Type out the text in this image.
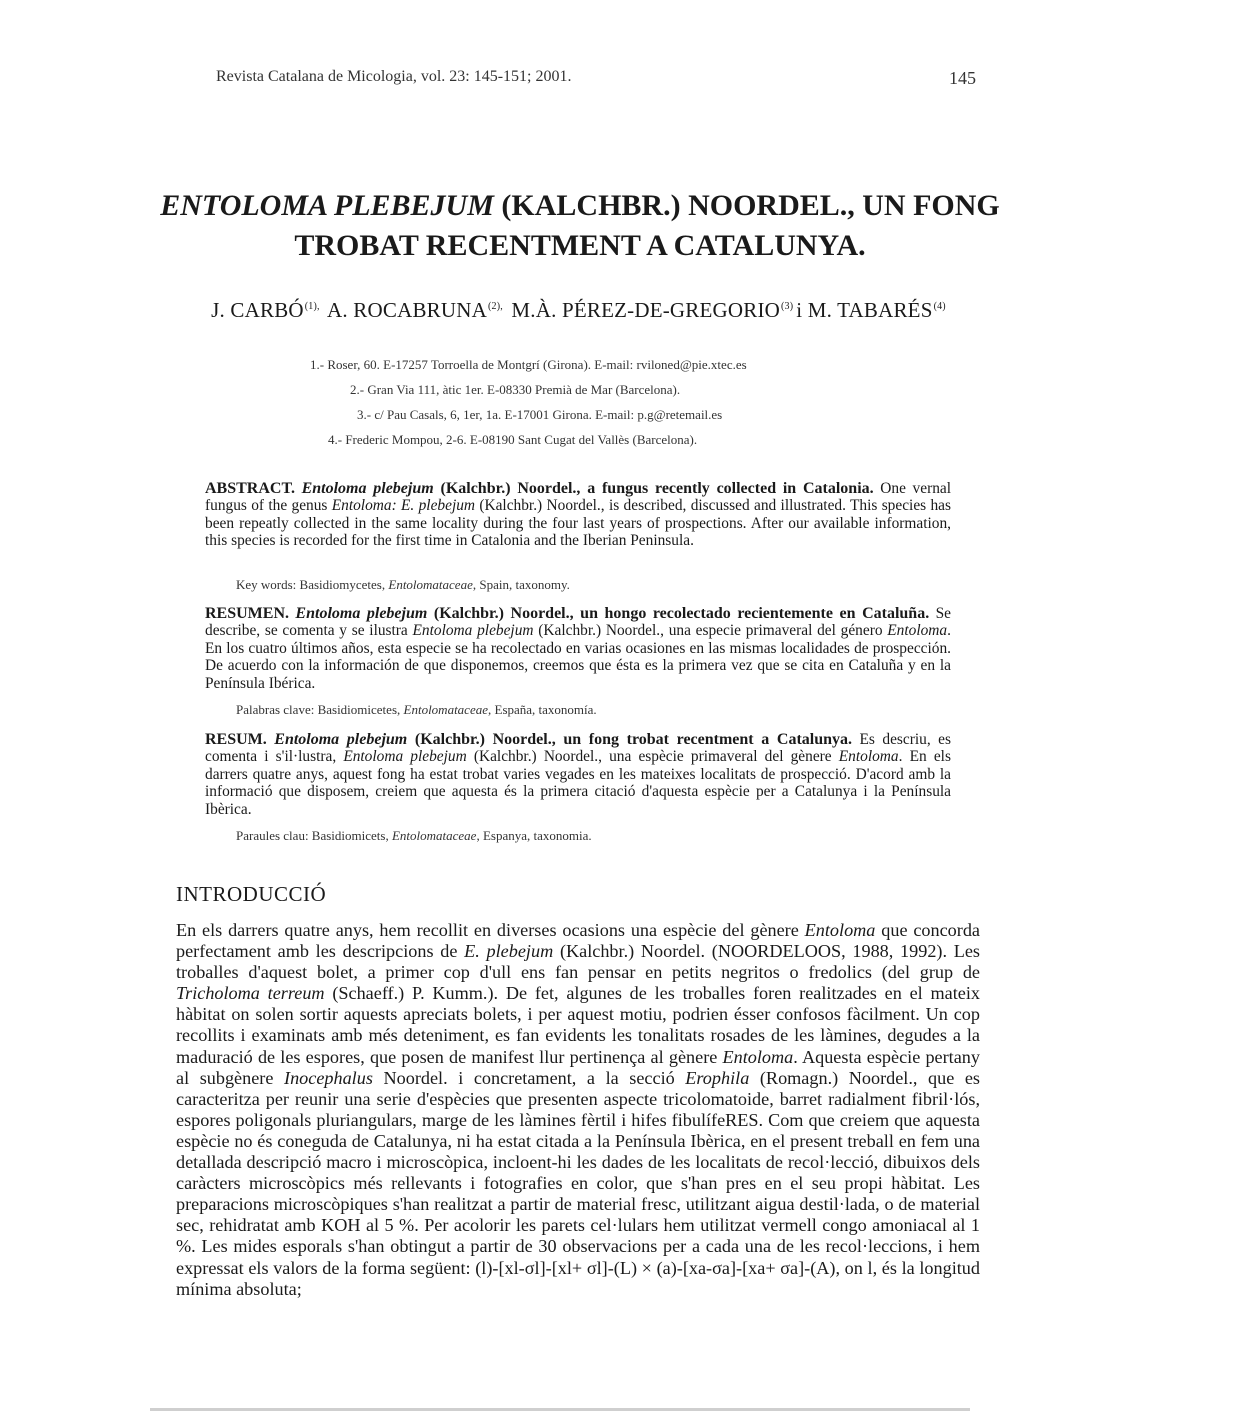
Revista Catalana de Micologia, vol. 23: 145-151; 2001.	145
ENTOLOMA PLEBEJUM (KALCHBR.) NOORDEL., UN FONG
TROBAT RECENTMENT A CATALUNYA.
J. $CARBÓ^{(1),}$ A. $ROCABRUNA^{(2),}$ M.À. PÉREZ-DE-GREGORIO$^{(3)}$ i M. TABARÉS$^{(4)}$
1.- Roser, 60. E-17257 Torroella de Montgrí (Girona). E-mail: rviloned@pie.xtec.es
2.- Gran Via 111, àtic 1er. E-08330 Premià de Mar (Barcelona).
3.- c/ Pau Casals, 6, 1er, 1a. E-17001 Girona. E-mail: p.g@retemail.es
4.- Frederic Mompou, 2-6. E-08190 Sant Cugat del Vallès (Barcelona).
ABSTRACT. Entoloma plebejum (Kalchbr.) Noordel., a fungus recently collected in Catalonia. One vernal fungus of the genus Entoloma: E. plebejum (Kalchbr.) Noordel., is described, discussed and illustrated. This species has been repeatly collected in the same locality during the four last years of prospections. After our available information, this species is recorded for the first time in Catalonia and the Iberian Peninsula.
Key words: Basidiomycetes, Entolomataceae, Spain, taxonomy.
RESUMEN. Entoloma plebejum (Kalchbr.) Noordel., un hongo recolectado recientemente en Cataluña. Se describe, se comenta y se ilustra Entoloma plebejum (Kalchbr.) Noordel., una especie primaveral del género Entoloma. En los cuatro últimos años, esta especie se ha recolectado en varias ocasiones en las mismas localidades de prospección. De acuerdo con la información de que disponemos, creemos que ésta es la primera vez que se cita en Cataluña y en la Península Ibérica.
Palabras clave: Basidiomicetes, Entolomataceae, España, taxonomía.
RESUM. Entoloma plebejum (Kalchbr.) Noordel., un fong trobat recentment a Catalunya. Es descriu, es comenta i s'il·lustra, Entoloma plebejum (Kalchbr.) Noordel., una espècie primaveral del gènere Entoloma. En els darrers quatre anys, aquest fong ha estat trobat varies vegades en les mateixes localitats de prospecció. D'acord amb la informació que disposem, creiem que aquesta és la primera citació d'aquesta espècie per a Catalunya i la Península Ibèrica.
Paraules clau: Basidiomicets, Entolomataceae, Espanya, taxonomia.
INTRODUCCIÓ
En els darrers quatre anys, hem recollit en diverses ocasions una espècie del gènere Entoloma que concorda perfectament amb les descripcions de E. plebejum (Kalchbr.) Noordel. (NOORDELOOS, 1988, 1992). Les troballes d'aquest bolet, a primer cop d'ull ens fan pensar en petits negritos o fredolics (del grup de Tricholoma terreum (Schaeff.) P. Kumm.). De fet, algunes de les troballes foren realitzades en el mateix hàbitat on solen sortir aquests apreciats bolets, i per aquest motiu, podrien ésser confosos fàcilment. Un cop recollits i examinats amb més deteniment, es fan evidents les tonalitats rosades de les làmines, degudes a la maduració de les espores, que posen de manifest llur pertinença al gènere Entoloma. Aquesta espècie pertany al subgènere Inocephalus Noordel. i concretament, a la secció Erophila (Romagn.) Noordel., que es caracteritza per reunir una serie d'espècies que presenten aspecte tricolomatoide, barret radialment fibril·lós, espores poligonals pluriangulars, marge de les làmines fèrtil i hifes fibulífeRES. Com que creiem que aquesta espècie no és coneguda de Catalunya, ni ha estat citada a la Península Ibèrica, en el present treball en fem una detallada descripció macro i microscòpica, incloent-hi les dades de les localitats de recol·lecció, dibuixos dels caràcters microscòpics més rellevants i fotografies en color, que s'han pres en el seu propi hàbitat. Les preparacions microscòpiques s'han realitzat a partir de material fresc, utilitzant aigua destil·lada, o de material sec, rehidratat amb KOH al 5 %. Per acolorir les parets cel·lulars hem utilitzat vermell congo amoniacal al 1 %. Les mides esporals s'han obtingut a partir de 30 observacions per a cada una de les recol·leccions, i hem expressat els valors de la forma següent: (l)-[xl-σl]-[xl+ σl]-(L) × (a)-[xa-σa]-[xa+ σa]-(A), on l, és la longitud mínima absoluta;
